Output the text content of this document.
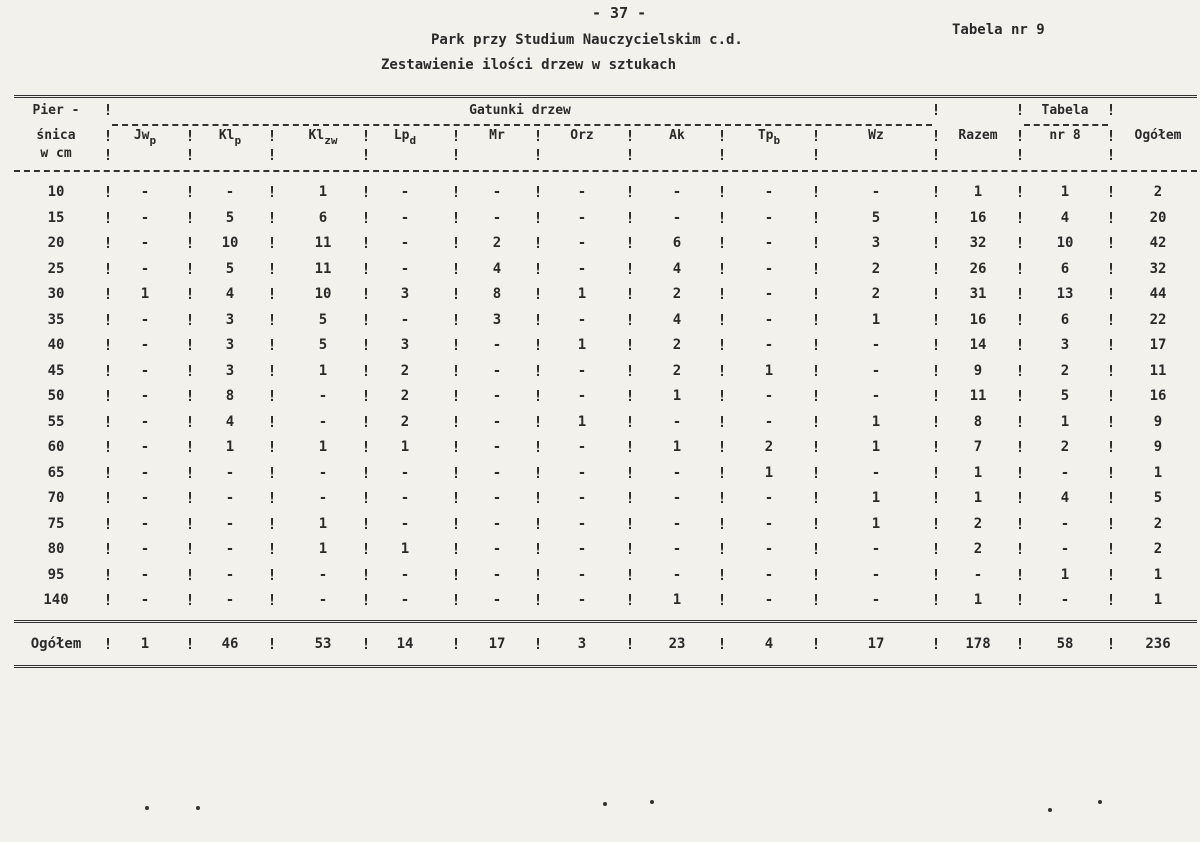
- 37 -
Park przy Studium Nauczycielskim c.d.
Zestawienie ilości drzew w sztukach
Tabela nr 9
Pier -
śnica
w cm
Gatunki drzew	Tabela
!	!	!	!
$Jw_p$	$Kl_p$	$Kl_{zw}$	$Lp_d$	Mr	Orz	Ak	$Tp_b$	Wz	Razem	nr 8	Ogółem
!	!	!	!	!	!	!	!	!	!	!	!
!	!	!	!	!	!	!	!	!	!	!	!
10	-	-	1	-	-	-	-	-	-	1	1	2
!	!	!	!	!	!	!	!	!	!	!	!
15	-	5	6	-	-	-	-	-	5	16	4	20
!	!	!	!	!	!	!	!	!	!	!	!
20	-	10	11	-	2	-	6	-	3	32	10	42
!	!	!	!	!	!	!	!	!	!	!	!
25	-	5	11	-	4	-	4	-	2	26	6	32
!	!	!	!	!	!	!	!	!	!	!	!
30	1	4	10	3	8	1	2	-	2	31	13	44
!	!	!	!	!	!	!	!	!	!	!	!
35	-	3	5	-	3	-	4	-	1	16	6	22
!	!	!	!	!	!	!	!	!	!	!	!
40	-	3	5	3	-	1	2	-	-	14	3	17
!	!	!	!	!	!	!	!	!	!	!	!
45	-	3	1	2	-	-	2	1	-	9	2	11
!	!	!	!	!	!	!	!	!	!	!	!
50	-	8	-	2	-	-	1	-	-	11	5	16
!	!	!	!	!	!	!	!	!	!	!	!
55	-	4	-	2	-	1	-	-	1	8	1	9
!	!	!	!	!	!	!	!	!	!	!	!
60	-	1	1	1	-	-	1	2	1	7	2	9
!	!	!	!	!	!	!	!	!	!	!	!
65	-	-	-	-	-	-	-	1	-	1	-	1
!	!	!	!	!	!	!	!	!	!	!	!
70	-	-	-	-	-	-	-	-	1	1	4	5
!	!	!	!	!	!	!	!	!	!	!	!
75	-	-	1	-	-	-	-	-	1	2	-	2
!	!	!	!	!	!	!	!	!	!	!	!
80	-	-	1	1	-	-	-	-	-	2	-	2
!	!	!	!	!	!	!	!	!	!	!	!
95	-	-	-	-	-	-	-	-	-	-	1	1
!	!	!	!	!	!	!	!	!	!	!	!
140	-	-	-	-	-	-	1	-	-	1	-	1
!	!	!	!	!	!	!	!	!	!	!	!
Ogółem	1	46	53	14	17	3	23	4	17	178	58	236
!	!	!	!	!	!	!	!	!	!	!	!
